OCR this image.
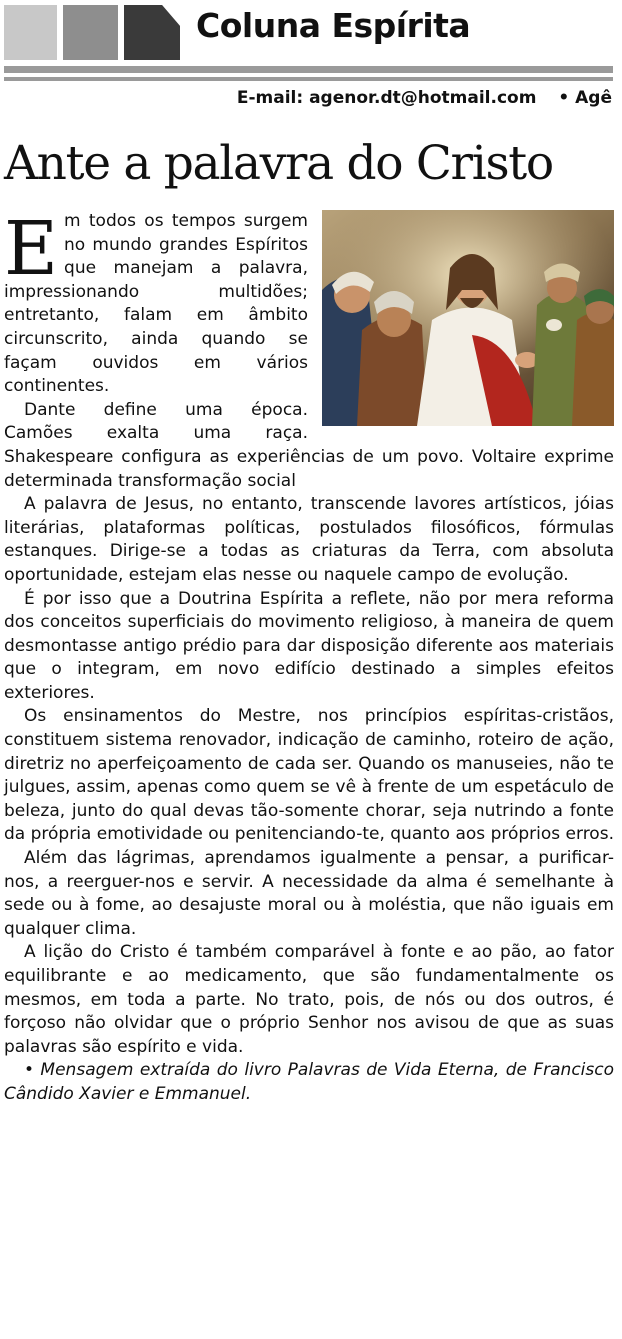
Coluna Espírita
E-mail: agenor.dt@hotmail.com • Agê
Ante a palavra do Cristo

Em todos os tempos surgem no mundo grandes Espíritos que manejam a palavra, impressionando multidões; entretanto, falam em âmbito circunscrito, ainda quando se façam ouvidos em vários continentes.

Dante define uma época. Camões exalta uma raça. Shakespeare configura as experiências de um povo. Voltaire exprime determinada transformação social

A palavra de Jesus, no entanto, transcende lavores artísticos, jóias literárias, plataformas políticas, postulados filosóficos, fórmulas estanques. Dirige-se a todas as criaturas da Terra, com absoluta oportunidade, estejam elas nesse ou naquele campo de evolução.

É por isso que a Doutrina Espírita a reflete, não por mera reforma dos conceitos superficiais do movimento religioso, à maneira de quem desmontasse antigo prédio para dar disposição diferente aos materiais que o integram, em novo edifício destinado a simples efeitos exteriores.

Os ensinamentos do Mestre, nos princípios espíritas-cristãos, constituem sistema renovador, indicação de caminho, roteiro de ação, diretriz no aperfeiçoamento de cada ser. Quando os manuseies, não te julgues, assim, apenas como quem se vê à frente de um espetáculo de beleza, junto do qual devas tão-somente chorar, seja nutrindo a fonte da própria emotividade ou penitenciando-te, quanto aos próprios erros.

Além das lágrimas, aprendamos igualmente a pensar, a purificar-nos, a reerguer-nos e servir. A necessidade da alma é semelhante à sede ou à fome, ao desajuste moral ou à moléstia, que não iguais em qualquer clima.

A lição do Cristo é também comparável à fonte e ao pão, ao fator equilibrante e ao medicamento, que são fundamentalmente os mesmos, em toda a parte. No trato, pois, de nós ou dos outros, é forçoso não olvidar que o próprio Senhor nos avisou de que as suas palavras são espírito e vida.

• Mensagem extraída do livro Palavras de Vida Eterna, de Francisco Cândido Xavier e Emmanuel.
